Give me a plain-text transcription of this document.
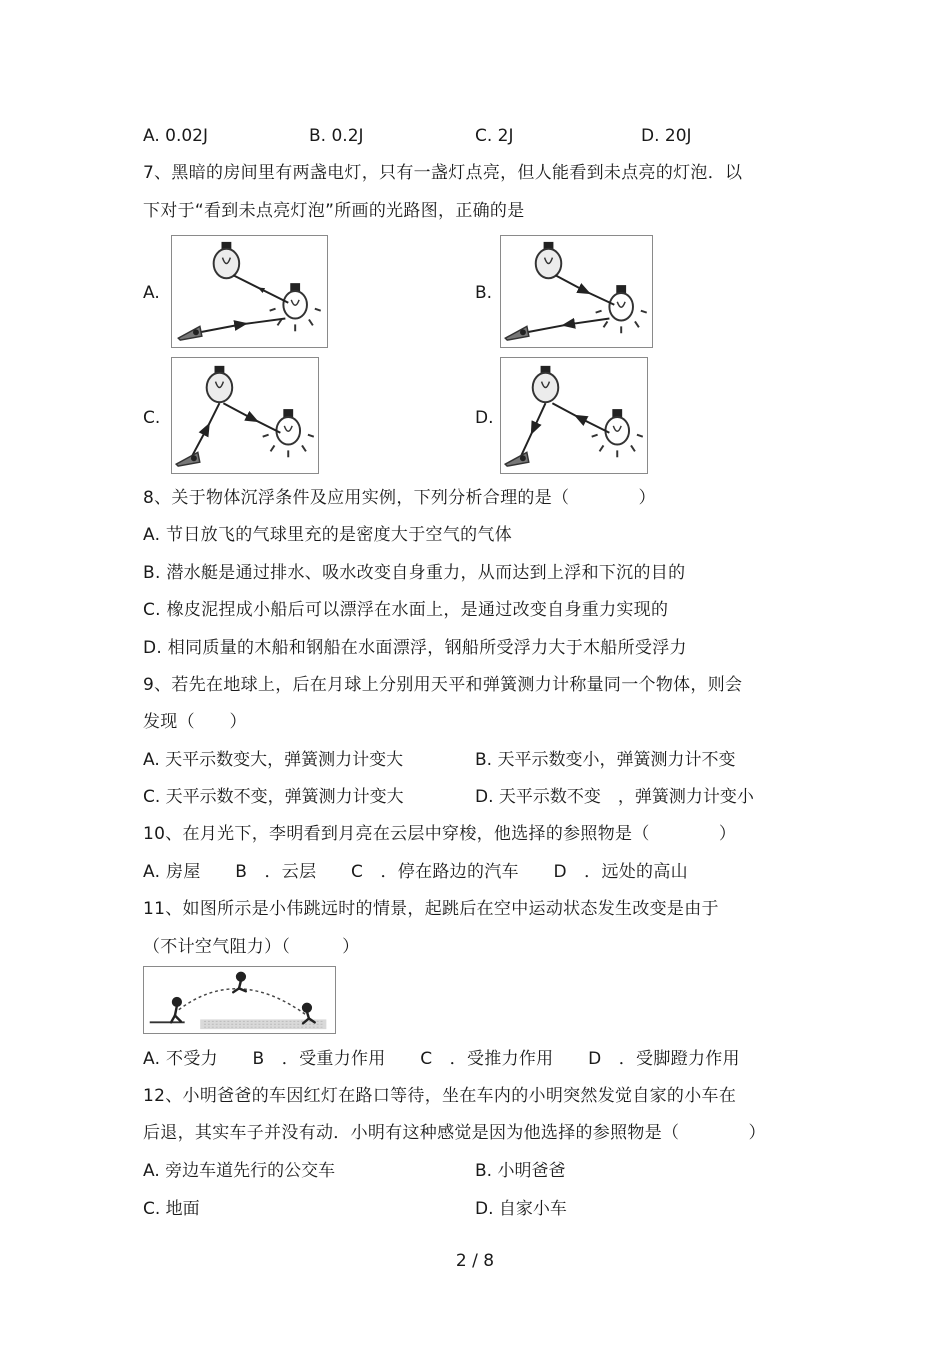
A. 0.02J	B. 0.2J	C. 2J	D. 20J
7、黑暗的房间里有两盏电灯，只有一盏灯点亮，但人能看到未点亮的灯泡．以
下对于“看到未点亮灯泡”所画的光路图，正确的是
A.	B.
C.	D.
8、关于物体沉浮条件及应用实例，下列分析合理的是（　　　　）
A. 节日放飞的气球里充的是密度大于空气的气体
B. 潜水艇是通过排水、吸水改变自身重力，从而达到上浮和下沉的目的
C. 橡皮泥捏成小船后可以漂浮在水面上，是通过改变自身重力实现的
D. 相同质量的木船和钢船在水面漂浮，钢船所受浮力大于木船所受浮力
9、若先在地球上，后在月球上分别用天平和弹簧测力计称量同一个物体，则会
发现（　　）
A. 天平示数变大，弹簧测力计变大	B. 天平示数变小，弹簧测力计不变
C. 天平示数不变，弹簧测力计变大	D. 天平示数不变　，弹簧测力计变小
10、在月光下，李明看到月亮在云层中穿梭，他选择的参照物是（　　　　）
A. 房屋　　B　．云层　　C　．停在路边的汽车　　D　．远处的高山
11、如图所示是小伟跳远时的情景，起跳后在空中运动状态发生改变是由于
（不计空气阻力）（　　　）
A. 不受力　　B　．受重力作用　　C　．受推力作用　　D　．受脚蹬力作用
12、小明爸爸的车因红灯在路口等待，坐在车内的小明突然发觉自家的小车在
后退，其实车子并没有动．小明有这种感觉是因为他选择的参照物是（　　　　）
A. 旁边车道先行的公交车	B. 小明爸爸
C. 地面	D. 自家小车
2 / 8
